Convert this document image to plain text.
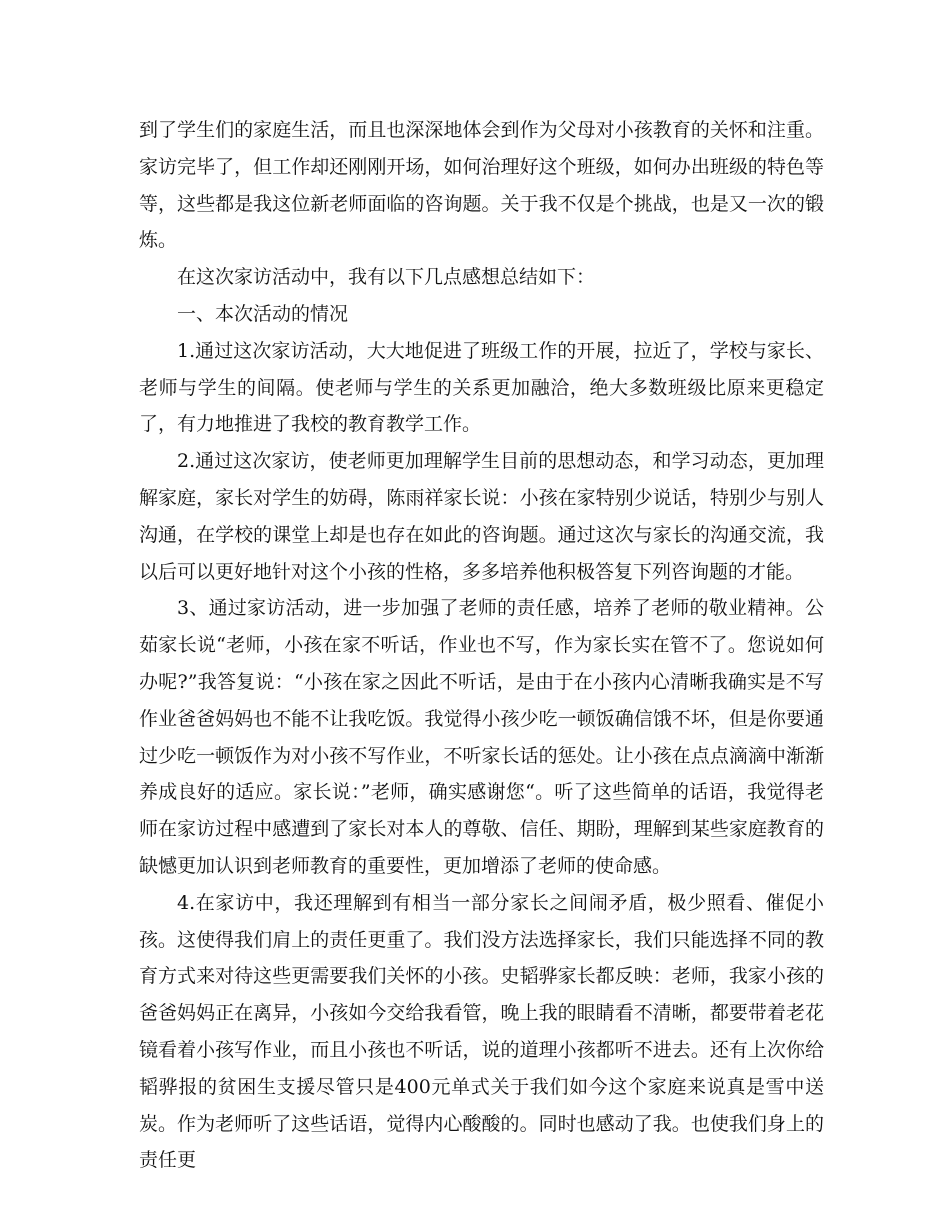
到了学生们的家庭生活，而且也深深地体会到作为父母对小孩教育的关怀和注重。家访完毕了，但工作却还刚刚开场，如何治理好这个班级，如何办出班级的特色等等，这些都是我这位新老师面临的咨询题。关于我不仅是个挑战，也是又一次的锻炼。

在这次家访活动中，我有以下几点感想总结如下：

一、本次活动的情况

1.通过这次家访活动，大大地促进了班级工作的开展，拉近了，学校与家长、老师与学生的间隔。使老师与学生的关系更加融洽，绝大多数班级比原来更稳定了，有力地推进了我校的教育教学工作。

2.通过这次家访，使老师更加理解学生目前的思想动态，和学习动态，更加理解家庭，家长对学生的妨碍，陈雨祥家长说：小孩在家特别少说话，特别少与别人沟通，在学校的课堂上却是也存在如此的咨询题。通过这次与家长的沟通交流，我以后可以更好地针对这个小孩的性格，多多培养他积极答复下列咨询题的才能。

3、通过家访活动，进一步加强了老师的责任感，培养了老师的敬业精神。公茹家长说“老师，小孩在家不听话，作业也不写，作为家长实在管不了。您说如何办呢?”我答复说：“小孩在家之因此不听话，是由于在小孩内心清晰我确实是不写作业爸爸妈妈也不能不让我吃饭。我觉得小孩少吃一顿饭确信饿不坏，但是你要通过少吃一顿饭作为对小孩不写作业，不听家长话的惩处。让小孩在点点滴滴中渐渐养成良好的适应。家长说：”老师，确实感谢您“。听了这些简单的话语，我觉得老师在家访过程中感遭到了家长对本人的尊敬、信任、期盼，理解到某些家庭教育的缺憾更加认识到老师教育的重要性，更加增添了老师的使命感。

4.在家访中，我还理解到有相当一部分家长之间闹矛盾，极少照看、催促小孩。这使得我们肩上的责任更重了。我们没方法选择家长，我们只能选择不同的教育方式来对待这些更需要我们关怀的小孩。史韬骅家长都反映：老师，我家小孩的爸爸妈妈正在离异，小孩如今交给我看管，晚上我的眼睛看不清晰，都要带着老花镜看着小孩写作业，而且小孩也不听话，说的道理小孩都听不进去。还有上次你给韬骅报的贫困生支援尽管只是400元单式关于我们如今这个家庭来说真是雪中送炭。作为老师听了这些话语，觉得内心酸酸的。同时也感动了我。也使我们身上的责任更
